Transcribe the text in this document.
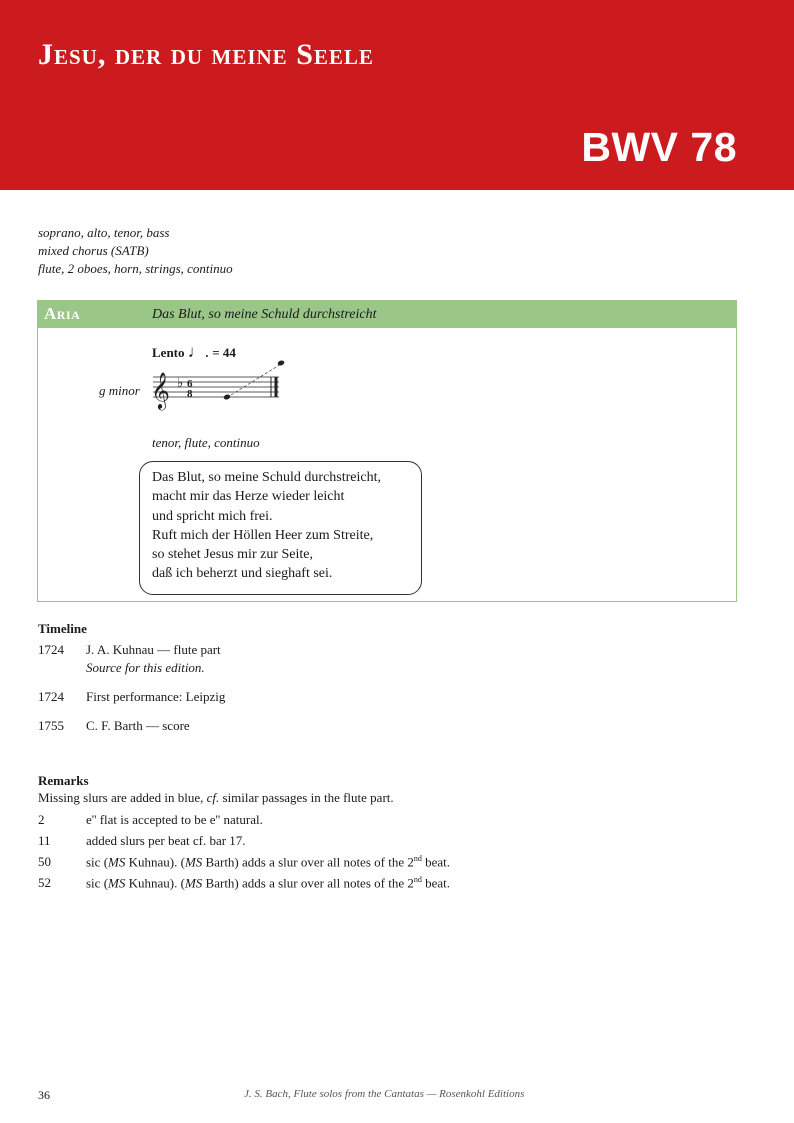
Jesu, der du meine Seele
BWV 78
soprano, alto, tenor, bass
mixed chorus (SATB)
flute, 2 oboes, horn, strings, continuo
Aria	Das Blut, so meine Schuld durchstreicht
Lento ♩. = 44
g minor 𝄞 ♭ 6
8
tenor, flute, continuo
Das Blut, so meine Schuld durchstreicht,
macht mir das Herze wieder leicht
und spricht mich frei.
Ruft mich der Höllen Heer zum Streite,
so stehet Jesus mir zur Seite,
daß ich beherzt und sieghaft sei.
Timeline
1724 J. A. Kuhnau — flute part
Source for this edition.
1724 First performance: Leipzig
1755 C. F. Barth — score
Remarks
Missing slurs are added in blue, cf. similar passages in the flute part.
2	e'' flat is accepted to be e'' natural.
11	added slurs per beat cf. bar 17.
50	sic (MS Kuhnau). (MS Barth) adds a slur over all notes of the 2nd beat.
52	sic (MS Kuhnau). (MS Barth) adds a slur over all notes of the 2nd beat.
36	J. S. Bach, Flute solos from the Cantatas — Rosenkohl Editions
